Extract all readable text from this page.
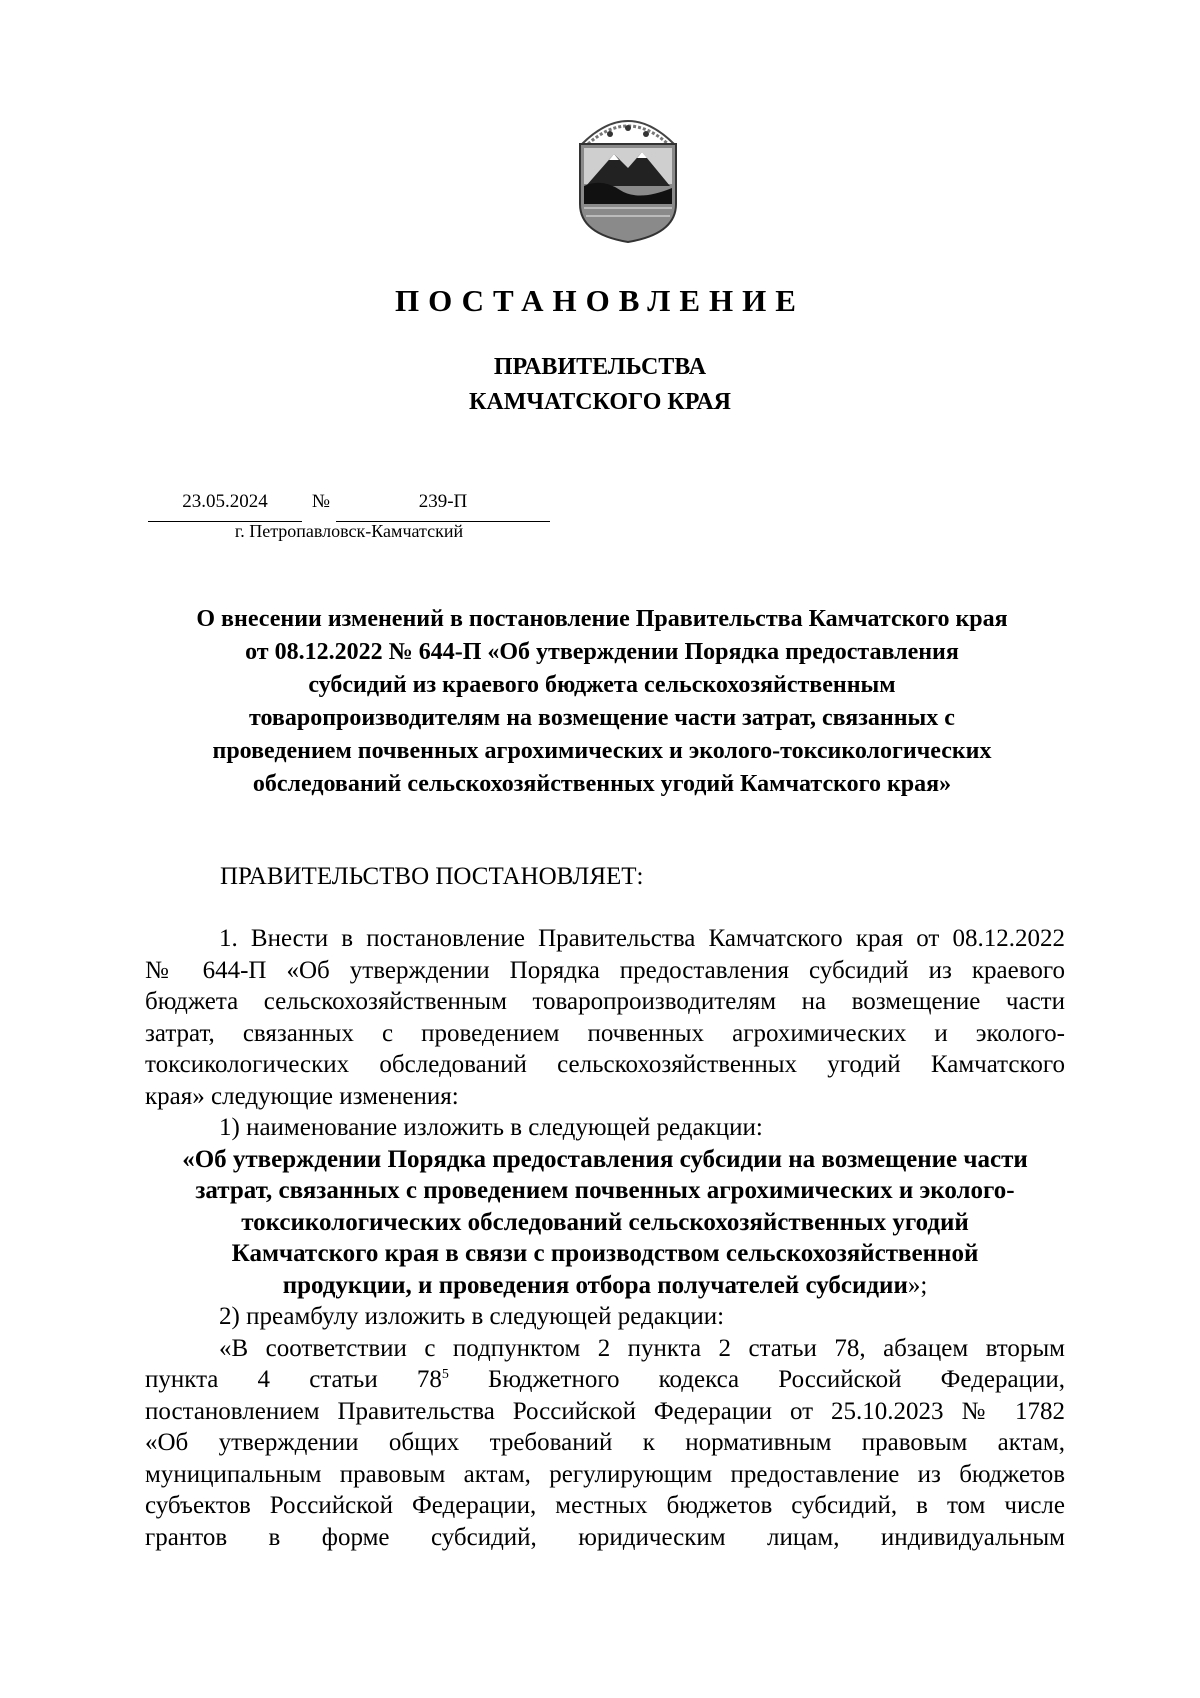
ПОСТАНОВЛЕНИЕ
ПРАВИТЕЛЬСТВА
КАМЧАТСКОГО КРАЯ
23.05.2024	№	239-П
г. Петропавловск-Камчатский
О внесении изменений в постановление Правительства Камчатского края
от 08.12.2022 № 644-П «Об утверждении Порядка предоставления
субсидий из краевого бюджета сельскохозяйственным
товаропроизводителям на возмещение части затрат, связанных с
проведением почвенных агрохимических и эколого-токсикологических
обследований сельскохозяйственных угодий Камчатского края»
ПРАВИТЕЛЬСТВО ПОСТАНОВЛЯЕТ:
1. Внести в постановление Правительства Камчатского края от 08.12.2022
№ 644-П «Об утверждении Порядка предоставления субсидий из краевого
бюджета сельскохозяйственным товаропроизводителям на возмещение части
затрат, связанных с проведением почвенных агрохимических и эколого-
токсикологических обследований сельскохозяйственных угодий Камчатского
края» следующие изменения:
1) наименование изложить в следующей редакции:
«Об утверждении Порядка предоставления субсидии на возмещение части
затрат, связанных с проведением почвенных агрохимических и эколого-
токсикологических обследований сельскохозяйственных угодий
Камчатского края в связи с производством сельскохозяйственной
продукции, и проведения отбора получателей субсидии»;
2) преамбулу изложить в следующей редакции:
«В соответствии с подпунктом 2 пункта 2 статьи 78, абзацем вторым
пункта 4 статьи $78^5$ Бюджетного кодекса Российской Федерации,
постановлением Правительства Российской Федерации от 25.10.2023 № 1782
«Об утверждении общих требований к нормативным правовым актам,
муниципальным правовым актам, регулирующим предоставление из бюджетов
субъектов Российской Федерации, местных бюджетов субсидий, в том числе
грантов в форме субсидий, юридическим лицам, индивидуальным
